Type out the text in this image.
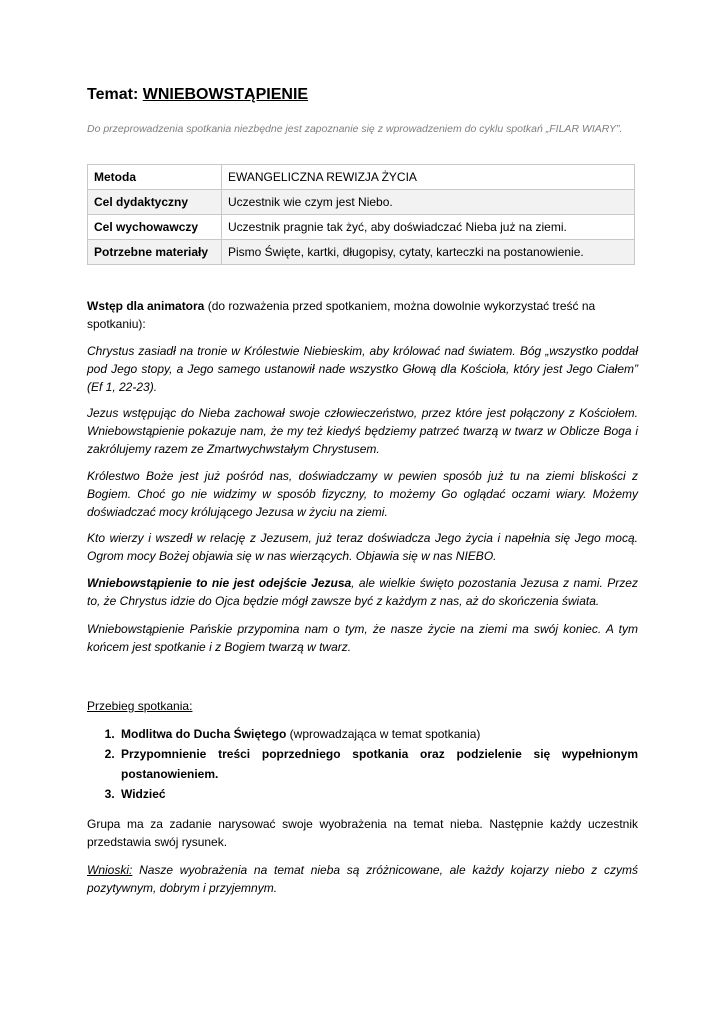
Temat: WNIEBOWSTĄPIENIE

Do przeprowadzenia spotkania niezbędne jest zapoznanie się z wprowadzeniem do cyklu spotkań „FILAR WIARY”.

Metoda	EWANGELICZNA REWIZJA ŻYCIA
Cel dydaktyczny	Uczestnik wie czym jest Niebo.
Cel wychowawczy	Uczestnik pragnie tak żyć, aby doświadczać Nieba już na ziemi.
Potrzebne materiały	Pismo Święte, kartki, długopisy, cytaty, karteczki na postanowienie.

Wstęp dla animatora (do rozważenia przed spotkaniem, można dowolnie wykorzystać treść na spotkaniu):

Chrystus zasiadł na tronie w Królestwie Niebieskim, aby królować nad światem. Bóg „wszystko poddał pod Jego stopy, a Jego samego ustanowił nade wszystko Głową dla Kościoła, który jest Jego Ciałem” (Ef 1, 22-23).

Jezus wstępując do Nieba zachował swoje człowieczeństwo, przez które jest połączony z Kościołem. Wniebowstąpienie pokazuje nam, że my też kiedyś będziemy patrzeć twarzą w twarz w Oblicze Boga i zakrólujemy razem ze Zmartwychwstałym Chrystusem.

Królestwo Boże jest już pośród nas, doświadczamy w pewien sposób już tu na ziemi bliskości z Bogiem. Choć go nie widzimy w sposób fizyczny, to możemy Go oglądać oczami wiary. Możemy doświadczać mocy królującego Jezusa w życiu na ziemi.

Kto wierzy i wszedł w relację z Jezusem, już teraz doświadcza Jego życia i napełnia się Jego mocą. Ogrom mocy Bożej objawia się w nas wierzących. Objawia się w nas NIEBO.

Wniebowstąpienie to nie jest odejście Jezusa, ale wielkie święto pozostania Jezusa z nami. Przez to, że Chrystus idzie do Ojca będzie mógł zawsze być z każdym z nas, aż do skończenia świata.

Wniebowstąpienie Pańskie przypomina nam o tym, że nasze życie na ziemi ma swój koniec. A tym końcem jest spotkanie i z Bogiem twarzą w twarz.

Przebieg spotkania:

1. Modlitwa do Ducha Świętego (wprowadzająca w temat spotkania)
2. Przypomnienie treści poprzedniego spotkania oraz podzielenie się wypełnionym postanowieniem.
3. Widzieć

Grupa ma za zadanie narysować swoje wyobrażenia na temat nieba. Następnie każdy uczestnik przedstawia swój rysunek.

Wnioski: Nasze wyobrażenia na temat nieba są zróżnicowane, ale każdy kojarzy niebo z czymś pozytywnym, dobrym i przyjemnym.
